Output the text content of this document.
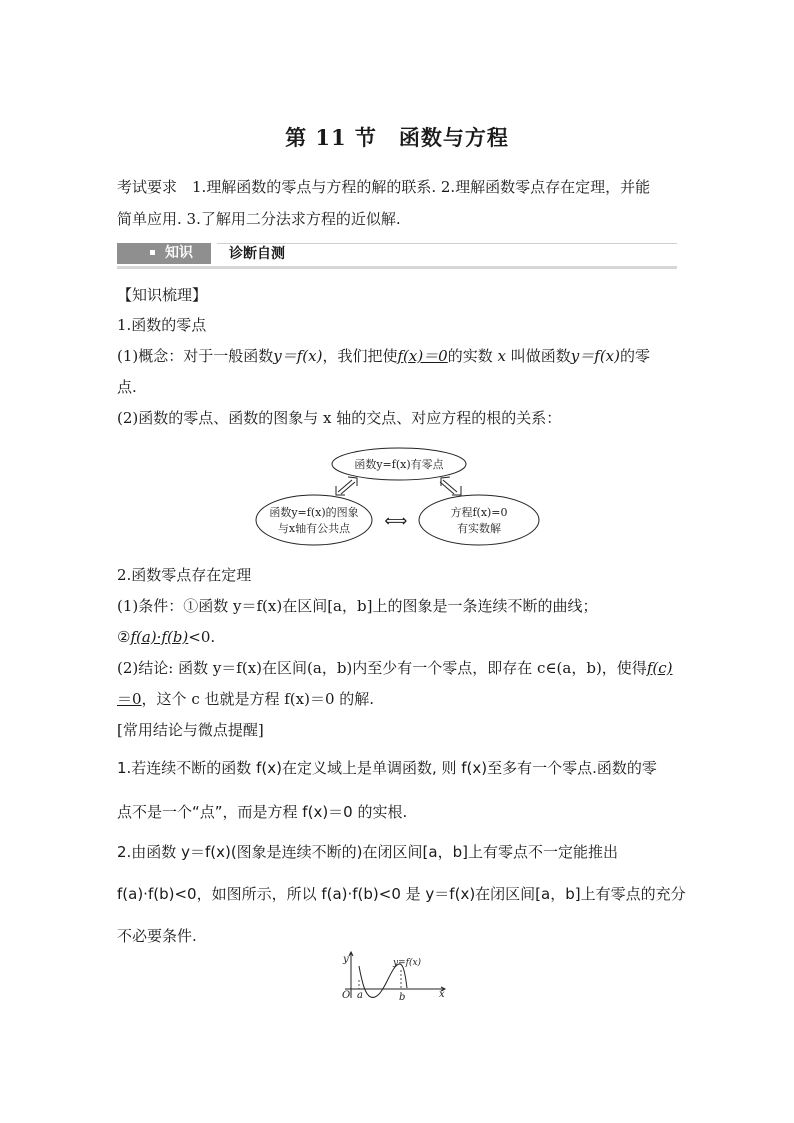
第 11 节　函数与方程
考试要求　1.理解函数的零点与方程的解的联系. 2.理解函数零点存在定理，并能
简单应用. 3.了解用二分法求方程的近似解.
知识	诊断自测
【知识梳理】
1.函数的零点
(1)概念：对于一般函数y＝f(x)，我们把使f(x)＝0的实数 x 叫做函数y＝f(x)的零
点.
(2)函数的零点、函数的图象与 x 轴的交点、对应方程的根的关系：
函数y=f(x)有零点
函数y=f(x)的图象
与x轴有公共点
方程f(x)=0
有实数解
⟺
2.函数零点存在定理
(1)条件：①函数 y＝f(x)在区间[a，b]上的图象是一条连续不断的曲线；
②f(a)·f(b)<0.
(2)结论: 函数 y＝f(x)在区间(a，b)内至少有一个零点，即存在 c∈(a，b)，使得f(c)
＝0，这个 c 也就是方程 f(x)＝0 的解.
[常用结论与微点提醒]
1.若连续不断的函数 f(x)在定义域上是单调函数, 则 f(x)至多有一个零点.函数的零
点不是一个“点”，而是方程 f(x)＝0 的实根.
2.由函数 y＝f(x)(图象是连续不断的)在闭区间[a，b]上有零点不一定能推出
f(a)·f(b)<0，如图所示，所以 f(a)·f(b)<0 是 y＝f(x)在闭区间[a，b]上有零点的充分
不必要条件.
y
x
O a	b
y=f(x)
